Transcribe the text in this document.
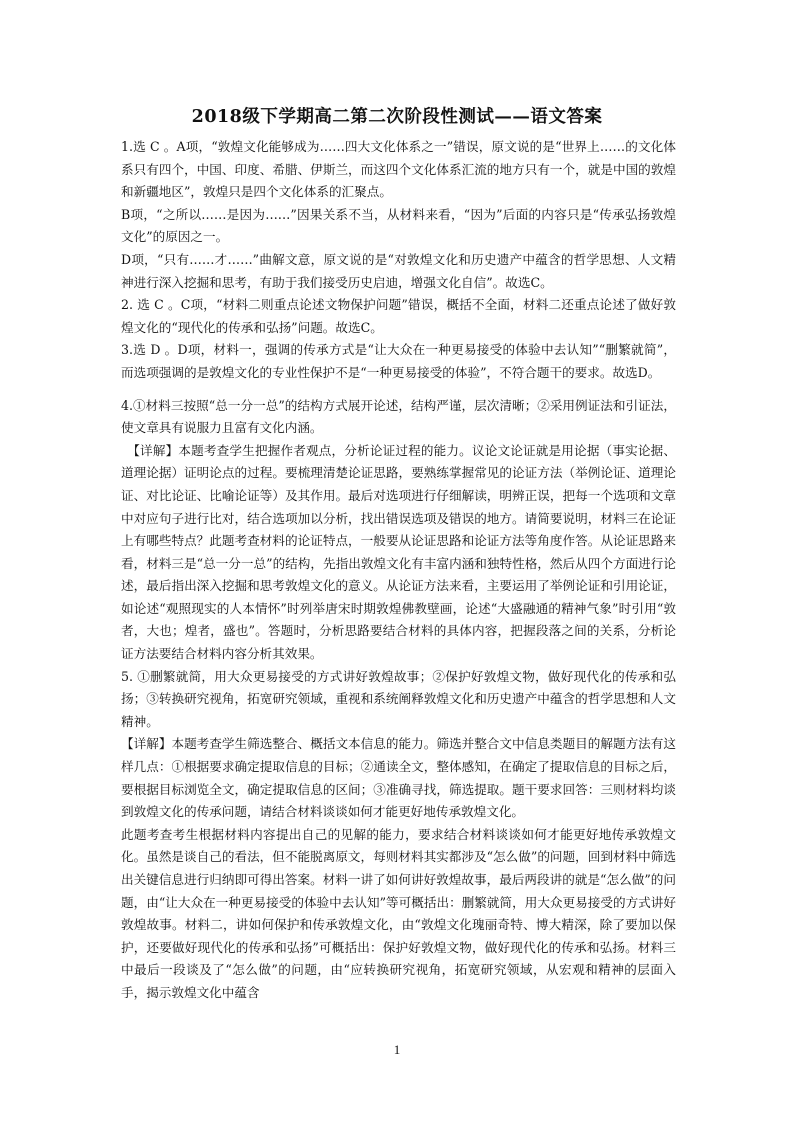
2018级下学期高二第二次阶段性测试——语文答案

1.选 C 。A项，“敦煌文化能够成为……四大文化体系之一”错误，原文说的是“世界上……的文化体系只有四个，中国、印度、希腊、伊斯兰，而这四个文化体系汇流的地方只有一个，就是中国的敦煌和新疆地区”，敦煌只是四个文化体系的汇聚点。

B项，“之所以……是因为……”因果关系不当，从材料来看，“因为”后面的内容只是“传承弘扬敦煌文化”的原因之一。

D项，“只有……才……”曲解文意，原文说的是“对敦煌文化和历史遗产中蕴含的哲学思想、人文精神进行深入挖掘和思考，有助于我们接受历史启迪，增强文化自信”。故选C。

2. 选 C 。C项，“材料二则重点论述文物保护问题”错误，概括不全面，材料二还重点论述了做好敦煌文化的“现代化的传承和弘扬”问题。故选C。

3.选 D 。D项，材料一，强调的传承方式是“让大众在一种更易接受的体验中去认知”“删繁就简”，而选项强调的是敦煌文化的专业性保护不是“一种更易接受的体验”，不符合题干的要求。故选D。

4.①材料三按照“总一分一总”的结构方式展开论述，结构严谨，层次清晰；②采用例证法和引证法，使文章具有说服力且富有文化内涵。

【详解】本题考查学生把握作者观点，分析论证过程的能力。议论文论证就是用论据（事实论据、道理论据）证明论点的过程。要梳理清楚论证思路，要熟练掌握常见的论证方法（举例论证、道理论证、对比论证、比喻论证等）及其作用。最后对选项进行仔细解读，明辨正误，把每一个选项和文章中对应句子进行比对，结合选项加以分析，找出错误选项及错误的地方。请简要说明，材料三在论证上有哪些特点？此题考查材料的论证特点，一般要从论证思路和论证方法等角度作答。从论证思路来看，材料三是“总一分一总”的结构，先指出敦煌文化有丰富内涵和独特性格，然后从四个方面进行论述，最后指出深入挖掘和思考敦煌文化的意义。从论证方法来看，主要运用了举例论证和引用论证，如论述“观照现实的人本情怀”时列举唐宋时期敦煌佛教壁画，论述“大盛融通的精神气象”时引用“敦者，大也；煌者，盛也”。答题时，分析思路要结合材料的具体内容，把握段落之间的关系，分析论证方法要结合材料内容分析其效果。

5. ①删繁就简，用大众更易接受的方式讲好敦煌故事；②保护好敦煌文物，做好现代化的传承和弘扬；③转换研究视角，拓宽研究领域，重视和系统阐释敦煌文化和历史遗产中蕴含的哲学思想和人文精神。

【详解】本题考查学生筛选整合、概括文本信息的能力。筛选并整合文中信息类题目的解题方法有这样几点：①根据要求确定提取信息的目标；②通读全文，整体感知，在确定了提取信息的目标之后，要根据目标浏览全文，确定提取信息的区间；③准确寻找，筛选提取。题干要求回答：三则材料均谈到敦煌文化的传承问题，请结合材料谈谈如何才能更好地传承敦煌文化。

此题考查考生根据材料内容提出自己的见解的能力，要求结合材料谈谈如何才能更好地传承敦煌文化。虽然是谈自己的看法，但不能脱离原文，每则材料其实都涉及“怎么做”的问题，回到材料中筛选出关键信息进行归纳即可得出答案。材料一讲了如何讲好敦煌故事，最后两段讲的就是“怎么做”的问题，由“让大众在一种更易接受的体验中去认知”等可概括出：删繁就简，用大众更易接受的方式讲好敦煌故事。材料二，讲如何保护和传承敦煌文化，由“敦煌文化瑰丽奇特、博大精深，除了要加以保护，还要做好现代化的传承和弘扬”可概括出：保护好敦煌文物，做好现代化的传承和弘扬。材料三中最后一段谈及了“怎么做”的问题，由“应转换研究视角，拓宽研究领域，从宏观和精神的层面入手，揭示敦煌文化中蕴含

1
